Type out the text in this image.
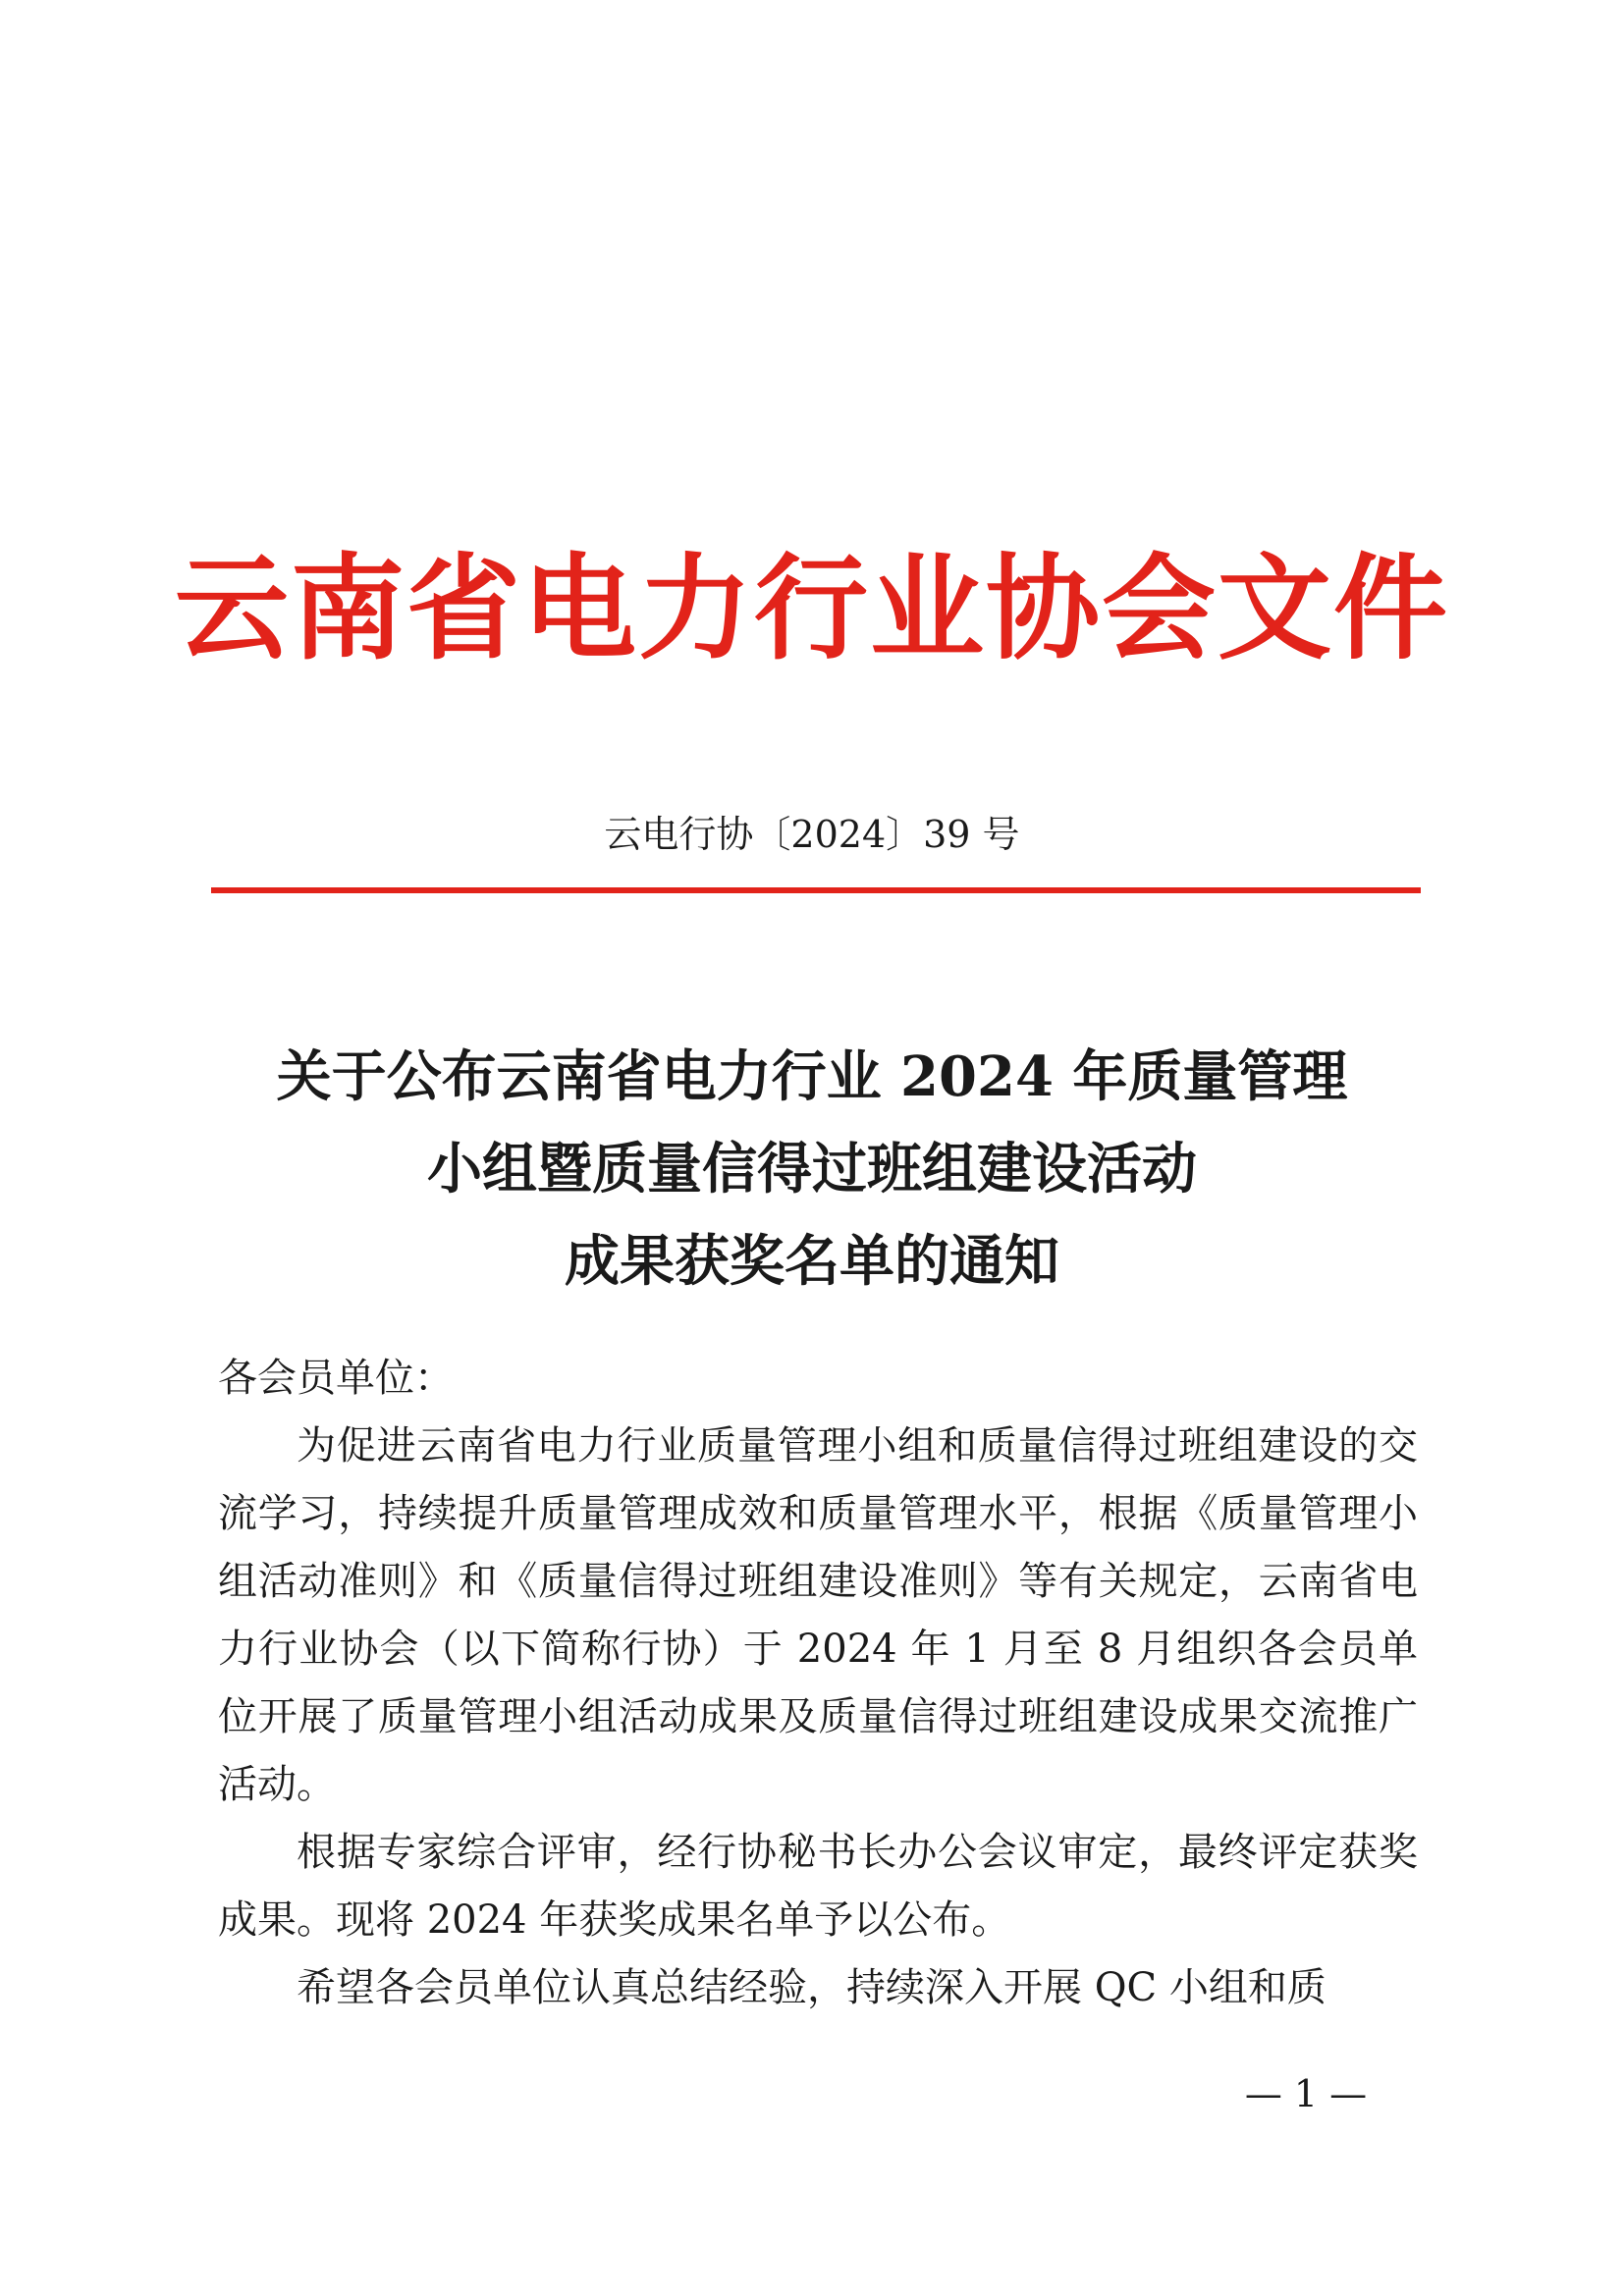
云南省电力行业协会文件
云电行协〔2024〕39 号
关于公布云南省电力行业 2024 年质量管理
小组暨质量信得过班组建设活动
成果获奖名单的通知
各会员单位：

为促进云南省电力行业质量管理小组和质量信得过班组建设的交流学习，持续提升质量管理成效和质量管理水平，根据《质量管理小组活动准则》和《质量信得过班组建设准则》等有关规定，云南省电力行业协会（以下简称行协）于 2024 年 1 月至 8 月组织各会员单位开展了质量管理小组活动成果及质量信得过班组建设成果交流推广活动。

根据专家综合评审，经行协秘书长办公会议审定，最终评定获奖成果。现将 2024 年获奖成果名单予以公布。

希望各会员单位认真总结经验，持续深入开展 QC 小组和质

— 1 —
